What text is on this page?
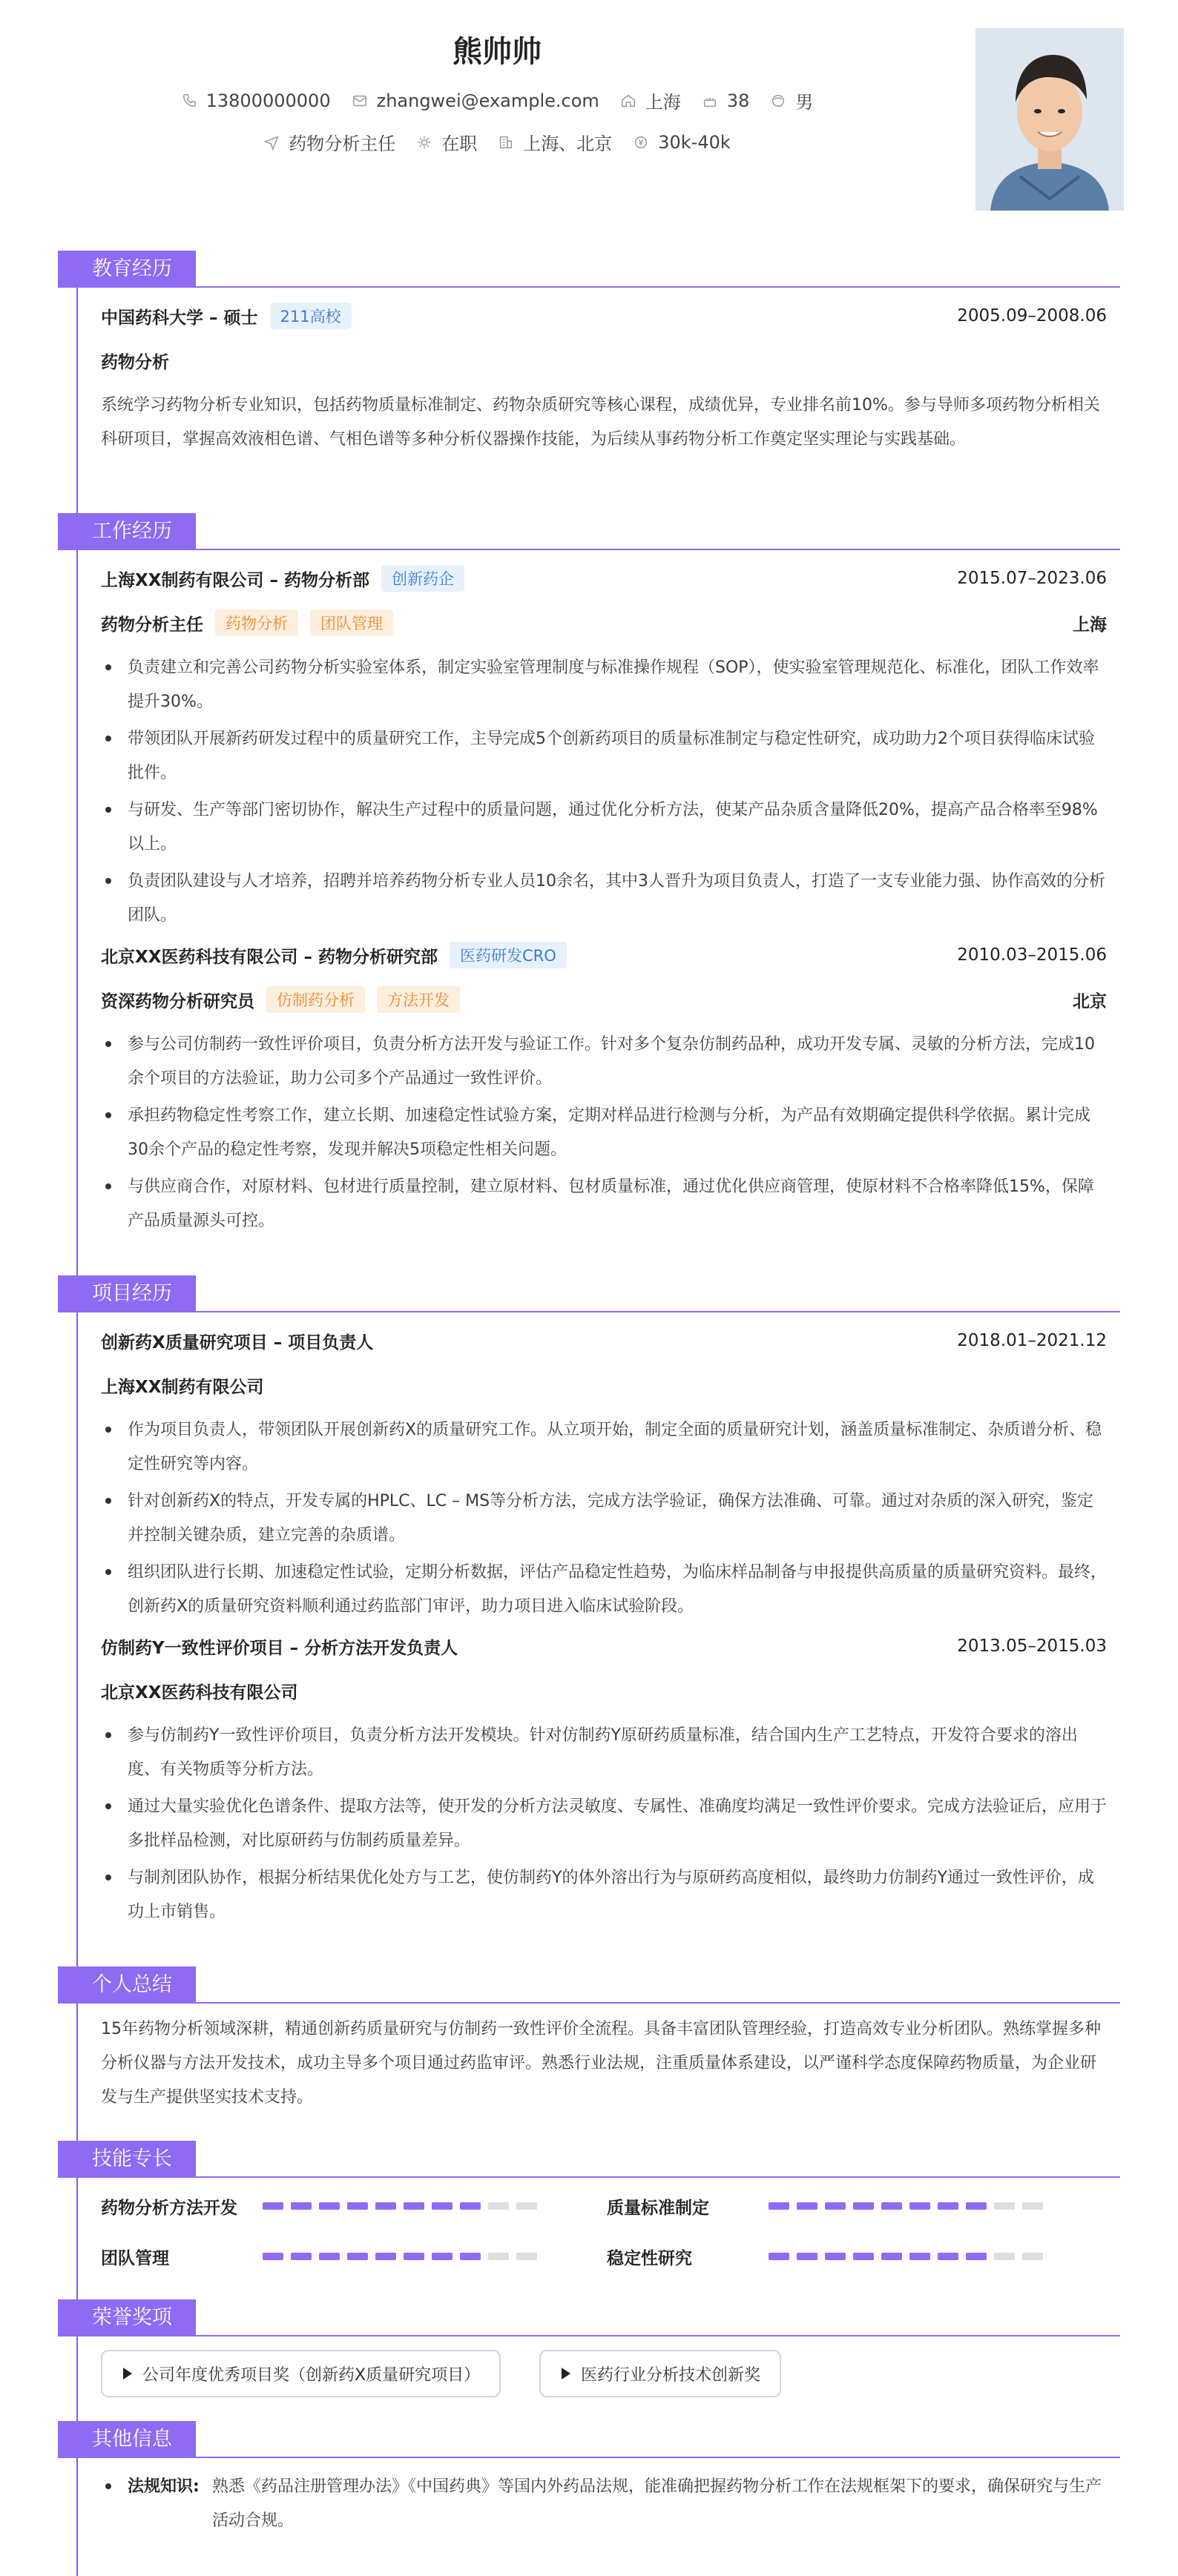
熊帅帅
13800000000	zhangwei@example.com	上海	38	男
药物分析主任	在职	上海、北京	30k-40k
教育经历
中国药科大学 – 硕士	211高校	2005.09–2008.06
药物分析
系统学习药物分析专业知识，包括药物质量标准制定、药物杂质研究等核心课程，成绩优异，专业排名前10%。参与导师多项药物分析相关科研项目，掌握高效液相色谱、气相色谱等多种分析仪器操作技能，为后续从事药物分析工作奠定坚实理论与实践基础。
工作经历
上海XX制药有限公司 – 药物分析部	创新药企	2015.07–2023.06
药物分析主任	药物分析	团队管理	上海
负责建立和完善公司药物分析实验室体系，制定实验室管理制度与标准操作规程（SOP），使实验室管理规范化、标准化，团队工作效率提升30%。
带领团队开展新药研发过程中的质量研究工作，主导完成5个创新药项目的质量标准制定与稳定性研究，成功助力2个项目获得临床试验批件。
与研发、生产等部门密切协作，解决生产过程中的质量问题，通过优化分析方法，使某产品杂质含量降低20%，提高产品合格率至98%以上。
负责团队建设与人才培养，招聘并培养药物分析专业人员10余名，其中3人晋升为项目负责人，打造了一支专业能力强、协作高效的分析团队。
北京XX医药科技有限公司 – 药物分析研究部	医药研发CRO	2010.03–2015.06
资深药物分析研究员	仿制药分析	方法开发	北京
参与公司仿制药一致性评价项目，负责分析方法开发与验证工作。针对多个复杂仿制药品种，成功开发专属、灵敏的分析方法，完成10余个项目的方法验证，助力公司多个产品通过一致性评价。
承担药物稳定性考察工作，建立长期、加速稳定性试验方案，定期对样品进行检测与分析，为产品有效期确定提供科学依据。累计完成30余个产品的稳定性考察，发现并解决5项稳定性相关问题。
与供应商合作，对原材料、包材进行质量控制，建立原材料、包材质量标准，通过优化供应商管理，使原材料不合格率降低15%，保障产品质量源头可控。
项目经历
创新药X质量研究项目 – 项目负责人	2018.01–2021.12
上海XX制药有限公司
作为项目负责人，带领团队开展创新药X的质量研究工作。从立项开始，制定全面的质量研究计划，涵盖质量标准制定、杂质谱分析、稳定性研究等内容。
针对创新药X的特点，开发专属的HPLC、LC – MS等分析方法，完成方法学验证，确保方法准确、可靠。通过对杂质的深入研究，鉴定并控制关键杂质，建立完善的杂质谱。
组织团队进行长期、加速稳定性试验，定期分析数据，评估产品稳定性趋势，为临床样品制备与申报提供高质量的质量研究资料。最终，创新药X的质量研究资料顺利通过药监部门审评，助力项目进入临床试验阶段。
仿制药Y一致性评价项目 – 分析方法开发负责人	2013.05–2015.03
北京XX医药科技有限公司
参与仿制药Y一致性评价项目，负责分析方法开发模块。针对仿制药Y原研药质量标准，结合国内生产工艺特点，开发符合要求的溶出度、有关物质等分析方法。
通过大量实验优化色谱条件、提取方法等，使开发的分析方法灵敏度、专属性、准确度均满足一致性评价要求。完成方法验证后，应用于多批样品检测，对比原研药与仿制药质量差异。
与制剂团队协作，根据分析结果优化处方与工艺，使仿制药Y的体外溶出行为与原研药高度相似，最终助力仿制药Y通过一致性评价，成功上市销售。
个人总结
15年药物分析领域深耕，精通创新药质量研究与仿制药一致性评价全流程。具备丰富团队管理经验，打造高效专业分析团队。熟练掌握多种分析仪器与方法开发技术，成功主导多个项目通过药监审评。熟悉行业法规，注重质量体系建设，以严谨科学态度保障药物质量，为企业研发与生产提供坚实技术支持。
技能专长
药物分析方法开发	质量标准制定
团队管理	稳定性研究
荣誉奖项
公司年度优秀项目奖（创新药X质量研究项目）	医药行业分析技术创新奖
其他信息
法规知识: 熟悉《药品注册管理办法》《中国药典》等国内外药品法规，能准确把握药物分析工作在法规框架下的要求，确保研究与生产活动合规。
